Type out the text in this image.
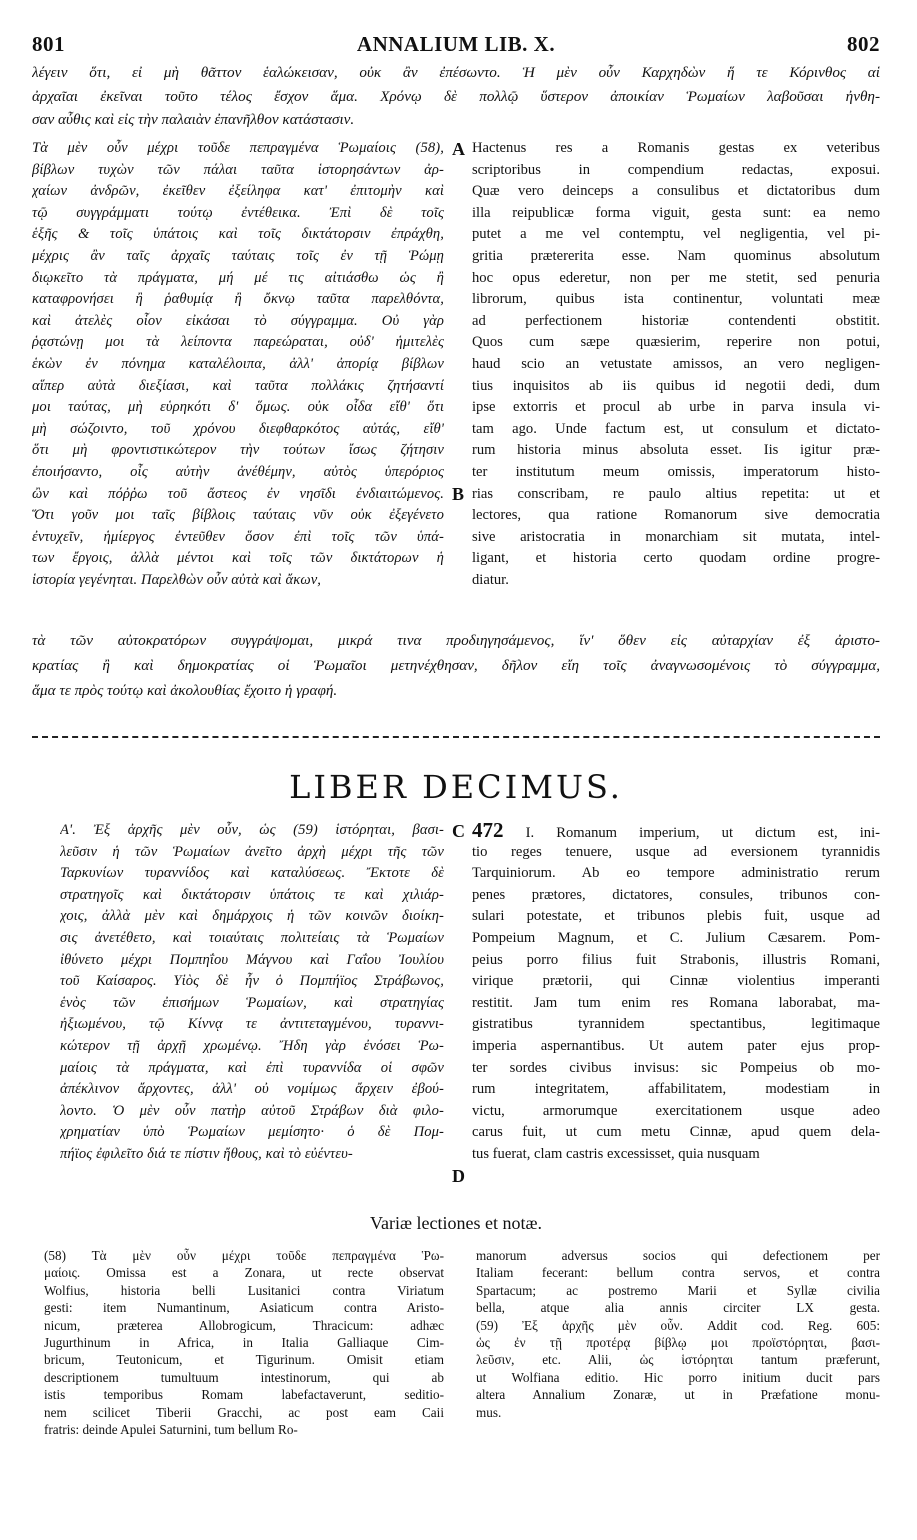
801	ANNALIUM LIB. X.	802
λέγειν ὅτι, εἰ μὴ θᾶττον ἑαλώκεισαν, οὐκ ἂν ἐπέσωντο. Ἡ μὲν οὖν Καρχηδὼν ἥ τε Κόρινθος αἱ
ἀρχαῖαι ἐκεῖναι τοῦτο τέλος ἔσχον ἅμα. Χρόνῳ δὲ πολλῷ ὕστερον ἀποικίαν Ῥωμαίων λαβοῦσαι ἠνθη-
σαν αὖθις καὶ εἰς τὴν παλαιὰν ἐπανῆλθον κατάστασιν.
Τὰ μὲν οὖν μέχρι τοῦδε πεπραγμένα Ῥωμαίοις (58),
βίβλων τυχὼν τῶν πάλαι ταῦτα ἱστορησάντων ἀρ-
χαίων ἀνδρῶν, ἐκεῖθεν ἐξείληφα κατ' ἐπιτομὴν καὶ
τῷ συγγράμματι τούτῳ ἐντέθεικα. Ἐπὶ δὲ τοῖς
ἑξῆς & τοῖς ὑπάτοις καὶ τοῖς δικτάτορσιν ἐπράχθη,
μέχρις ἂν ταῖς ἀρχαῖς ταύταις τοῖς ἐν τῇ Ῥώμῃ
διῳκεῖτο τὰ πράγματα, μή μέ τις αἰτιάσθω ὡς ἢ
καταφρονήσει ἢ ῥαθυμίᾳ ἢ ὄκνῳ ταῦτα παρελθόντα,
καὶ ἀτελὲς οἷον εἰκάσαι τὸ σύγγραμμα. Οὐ γὰρ
ῥᾳστώνῃ μοι τὰ λείποντα παρεώραται, οὐδ' ἡμιτελὲς
ἑκὼν ἐν πόνημα καταλέλοιπα, ἀλλ' ἀπορίᾳ βίβλων
αἵπερ αὐτὰ διεξίασι, καὶ ταῦτα πολλάκις ζητήσαντί
μοι ταύτας, μὴ εὑρηκότι δ' ὅμως. οὐκ οἶδα εἴθ' ὅτι
μὴ σώζοιντο, τοῦ χρόνου διεφθαρκότος αὐτάς, εἴθ'
ὅτι μὴ φροντιστικώτερον τὴν τούτων ἴσως ζήτησιν
ἐποιήσαντο, οἷς αὐτὴν ἀνέθέμην, αὐτὸς ὑπερόριος
ὢν καὶ πόῤῥω τοῦ ἄστεος ἐν νησῖδι ἐνδιαιτώμενος.
Ὅτι γοῦν μοι ταῖς βίβλοις ταύταις νῦν οὐκ ἐξεγένετο
ἐντυχεῖν, ἡμίεργος ἐντεῦθεν ὅσον ἐπὶ τοῖς τῶν ὑπά-
των ἔργοις, ἀλλὰ μέντοι καὶ τοῖς τῶν δικτάτορων ἡ
ἱστορία γεγένηται. Παρελθὼν οὖν αὐτὰ καὶ ἄκων,
Hactenus res a Romanis gestas ex veteribus
scriptoribus in compendium redactas, exposui.
Quæ vero deinceps a consulibus et dictatoribus dum
illa reipublicæ forma viguit, gesta sunt: ea nemo
putet a me vel contemptu, vel negligentia, vel pi-
gritia prætererita esse. Nam quominus absolutum
hoc opus ederetur, non per me stetit, sed penuria
librorum, quibus ista continentur, voluntati meæ
ad perfectionem historiæ contendenti obstitit.
Quos cum sæpe quæsierim, reperire non potui,
haud scio an vetustate amissos, an vero negligen-
tius inquisitos ab iis quibus id negotii dedi, dum
ipse extorris et procul ab urbe in parva insula vi-
tam ago. Unde factum est, ut consulum et dictato-
rum historia minus absoluta esset. Iis igitur præ-
ter institutum meum omissis, imperatorum histo-
rias conscribam, re paulo altius repetita: ut et
lectores, qua ratione Romanorum sive democratia
sive aristocratia in monarchiam sit mutata, intel-
ligant, et historia certo quodam ordine progre-
diatur.
A
B
τὰ τῶν αὐτοκρατόρων συγγράψομαι, μικρά τινα προδιηγησάμενος, ἵν' ὅθεν εἰς αὐταρχίαν ἐξ ἀριστο-
κρατίας ἢ καὶ δημοκρατίας οἱ Ῥωμαῖοι μετηνέχθησαν, δῆλον εἴη τοῖς ἀναγνωσομένοις τὸ σύγγραμμα,
ἅμα τε πρὸς τούτῳ καὶ ἀκολουθίας ἔχοιτο ἡ γραφή.
LIBER DECIMUS.
Α'. Ἐξ ἀρχῆς μὲν οὖν, ὡς (59) ἱστόρηται, βασι-
λεῦσιν ἡ τῶν Ῥωμαίων ἀνεῖτο ἀρχὴ μέχρι τῆς τῶν
Ταρκυνίων τυραννίδος καὶ καταλύσεως. Ἔκτοτε δὲ
στρατηγοῖς καὶ δικτάτορσιν ὑπάτοις τε καὶ χιλιάρ-
χοις, ἀλλὰ μὲν καὶ δημάρχοις ἡ τῶν κοινῶν διοίκη-
σις ἀνετέθετο, καὶ τοιαύταις πολιτείαις τὰ Ῥωμαίων
ἰθύνετο μέχρι Πομπηΐου Μάγνου καὶ Γαΐου Ἰουλίου
τοῦ Καίσαρος. Υἱὸς δὲ ἦν ὁ Πομπήϊος Στράβωνος,
ἑνὸς τῶν ἐπισήμων Ῥωμαίων, καὶ στρατηγίας
ἠξιωμένου, τῷ Κίννᾳ τε ἀντιτεταγμένου, τυραννι-
κώτερον τῇ ἀρχῇ χρωμένῳ. Ἤδη γὰρ ἐνόσει Ῥω-
μαίοις τὰ πράγματα, καὶ ἐπὶ τυραννίδα οἱ σφῶν
ἀπέκλινον ἄρχοντες, ἀλλ' οὐ νομίμως ἄρχειν ἐβού-
λοντο. Ὁ μὲν οὖν πατὴρ αὐτοῦ Στράβων διὰ φιλο-
χρηματίαν ὑπὸ Ῥωμαίων μεμίσητο· ὁ δὲ Πομ-
πήϊος ἐφιλεῖτο διά τε πίστιν ἤθους, καὶ τὸ εὐέντευ-
472 I. Romanum imperium, ut dictum est, ini-
tio reges tenuere, usque ad eversionem tyrannidis
Tarquiniorum. Ab eo tempore administratio rerum
penes prætores, dictatores, consules, tribunos con-
sulari potestate, et tribunos plebis fuit, usque ad
Pompeium Magnum, et C. Julium Cæsarem. Pom-
peius porro filius fuit Strabonis, illustris Romani,
virique prætorii, qui Cinnæ violentius imperanti
restitit. Jam tum enim res Romana laborabat, ma-
gistratibus tyrannidem spectantibus, legitimaque
imperia aspernantibus. Ut autem pater ejus prop-
ter sordes civibus invisus: sic Pompeius ob mo-
rum integritatem, affabilitatem, modestiam in
victu, armorumque exercitationem usque adeo
carus fuit, ut cum metu Cinnæ, apud quem dela-
tus fuerat, clam castris excessisset, quia nusquam
C
D
Variæ lectiones et notæ.
(58) Τὰ μὲν οὖν μέχρι τοῦδε πεπραγμένα Ῥω-
μαίοις. Omissa est a Zonara, ut recte observat
Wolfius, historia belli Lusitanici contra Viriatum
gesti: item Numantinum, Asiaticum contra Aristo-
nicum, præterea Allobrogicum, Thracicum: adhæc
Jugurthinum in Africa, in Italia Galliaque Cim-
bricum, Teutonicum, et Tigurinum. Omisit etiam
descriptionem tumultuum intestinorum, qui ab
istis temporibus Romam labefactaverunt, seditio-
nem scilicet Tiberii Gracchi, ac post eam Caii
fratris: deinde Apulei Saturnini, tum bellum Ro-
manorum adversus socios qui defectionem per
Italiam fecerant: bellum contra servos, et contra
Spartacum; ac postremo Marii et Syllæ civilia
bella, atque alia annis circiter LX gesta.
(59) Ἐξ ἀρχῆς μὲν οὖν. Addit cod. Reg. 605:
ὡς ἐν τῇ προτέρᾳ βίβλῳ μοι προϊστόρηται, βασι-
λεῦσιν, etc. Alii, ὡς ἱστόρηται tantum præferunt,
ut Wolfiana editio. Hic porro initium ducit pars
altera Annalium Zonaræ, ut in Præfatione monu-
mus.
